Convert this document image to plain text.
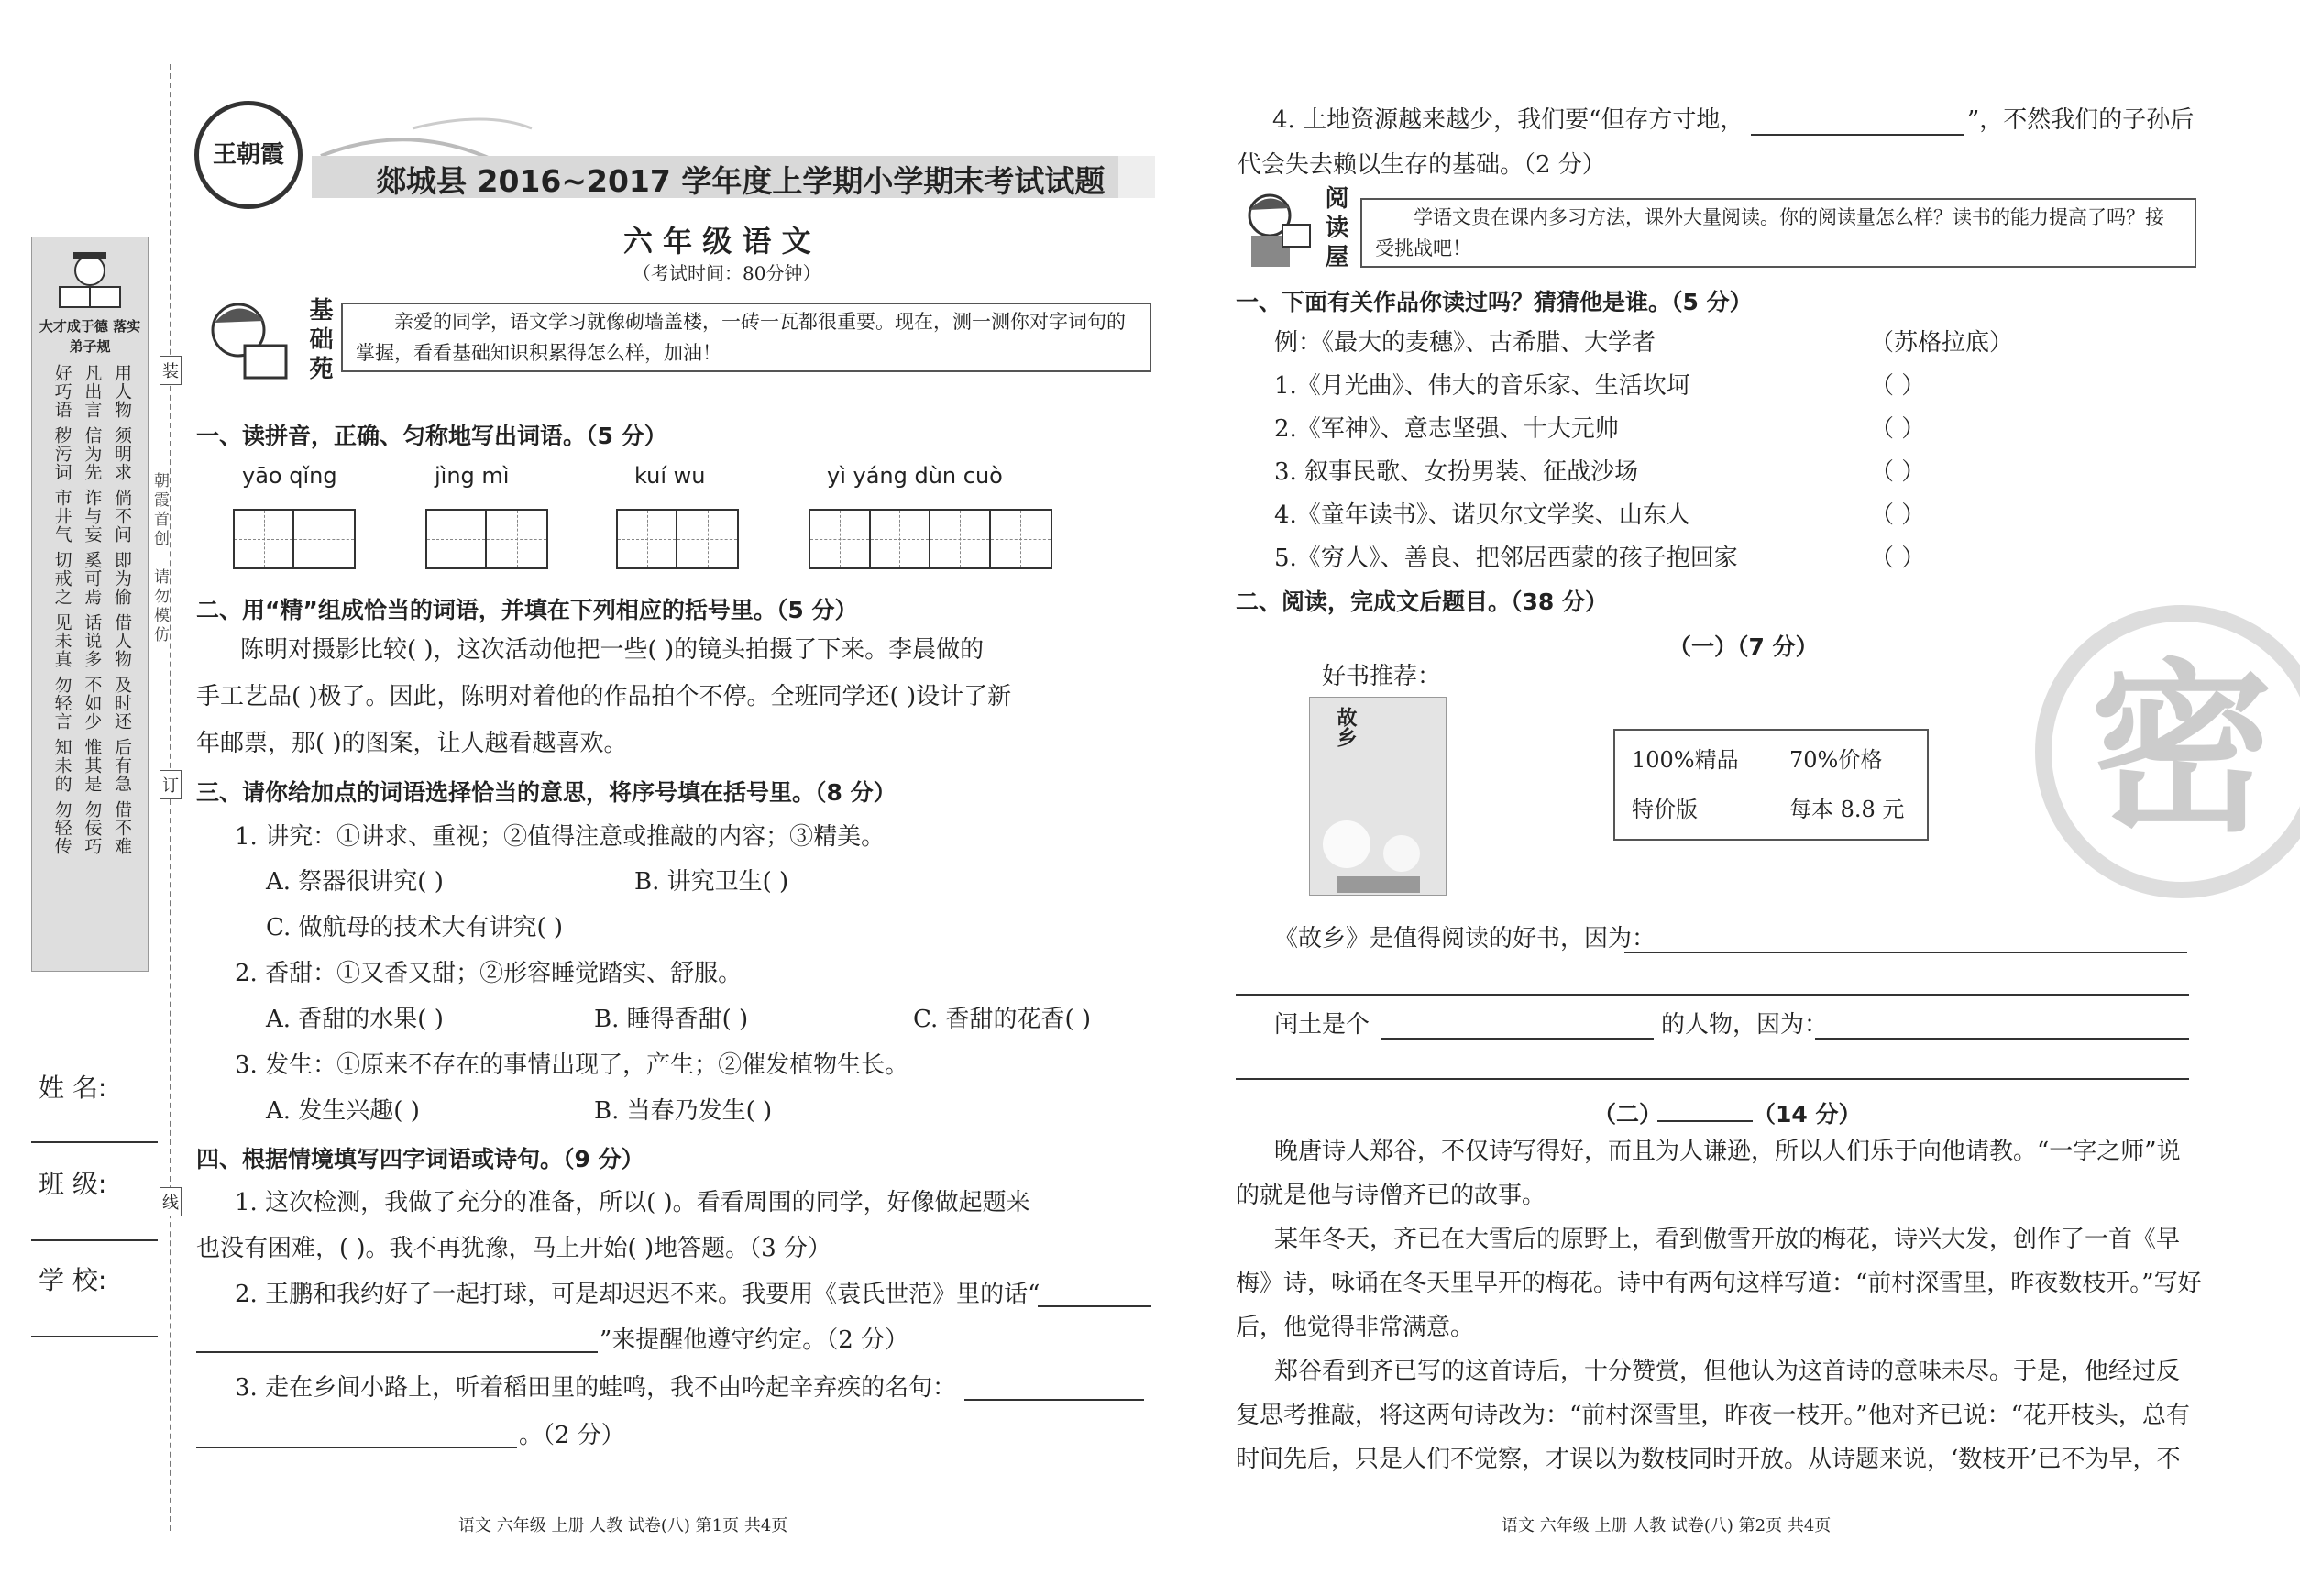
装
订
线
朝霞首创
请勿模仿
大才成于德 落实弟子规
好巧语 凡出言 用人物
秽污词 信为先 须明求
市井气 诈与妄 倘不问
切戒之 奚可焉 即为偷
见未真 话说多 借人物
勿轻言 不如少 及时还
知未的 惟其是 后有急
勿轻传 勿佞巧 借不难
姓 名:
班 级:
学 校:
王朝霞
郯城县 2016~2017 学年度上学期小学期末考试试题
六 年 级 语 文
（考试时间：80分钟）
基础苑	亲爱的同学，语文学习就像砌墙盖楼，一砖一瓦都很重要。现在，测一测你对字词句的掌握，看看基础知识积累得怎么样，加油！
一、读拼音，正确、匀称地写出词语。（5 分）
yāo qǐng	jìng mì	kuí wu	yì yáng dùn cuò
二、用“精”组成恰当的词语，并填在下列相应的括号里。（5 分）
陈明对摄影比较( )，这次活动他把一些( )的镜头拍摄了下来。李晨做的
手工艺品( )极了。因此，陈明对着他的作品拍个不停。全班同学还( )设计了新
年邮票，那( )的图案，让人越看越喜欢。
三、请你给加点的词语选择恰当的意思，将序号填在括号里。（8 分）
1. 讲究：①讲求、重视；②值得注意或推敲的内容；③精美。
A. 祭器很讲究( )	B. 讲究卫生( )
C. 做航母的技术大有讲究( )
2. 香甜：①又香又甜；②形容睡觉踏实、舒服。
A. 香甜的水果( )	B. 睡得香甜( )	C. 香甜的花香( )
3. 发生：①原来不存在的事情出现了，产生；②催发植物生长。
A. 发生兴趣( )	B. 当春乃发生( )
四、根据情境填写四字词语或诗句。（9 分）
1. 这次检测，我做了充分的准备，所以( )。看看周围的同学，好像做起题来
也没有困难，( )。我不再犹豫，马上开始( )地答题。（3 分）
2. 王鹏和我约好了一起打球，可是却迟迟不来。我要用《袁氏世范》里的话“
”来提醒他遵守约定。（2 分）
3. 走在乡间小路上，听着稻田里的蛙鸣，我不由吟起辛弃疾的名句：
。（2 分）
4. 土地资源越来越少，我们要“但存方寸地，	”，不然我们的子孙后
代会失去赖以生存的基础。（2 分）
阅读屋	学语文贵在课内多习方法，课外大量阅读。你的阅读量怎么样？读书的能力提高了吗？接受挑战吧！
一、下面有关作品你读过吗？猜猜他是谁。（5 分）
例：《最大的麦穗》、古希腊、大学者	（苏格拉底）
1.《月光曲》、伟大的音乐家、生活坎坷	（ ）
2.《军神》、意志坚强、十大元帅	（ ）
3. 叙事民歌、女扮男装、征战沙场	（ ）
4.《童年读书》、诺贝尔文学奖、山东人	（ ）
5.《穷人》、善良、把邻居西蒙的孩子抱回家	（ ）
二、阅读，完成文后题目。（38 分）
（一）（7 分）
好书推荐：
故乡
100%精品 70%价格
特价版	每本 8.8 元
《故乡》是值得阅读的好书，因为：
闰土是个	的人物，因为：
（二）	（14 分）
晚唐诗人郑谷，不仅诗写得好，而且为人谦逊，所以人们乐于向他请教。“一字之师”说
的就是他与诗僧齐已的故事。
某年冬天，齐已在大雪后的原野上，看到傲雪开放的梅花，诗兴大发，创作了一首《早
梅》诗，咏诵在冬天里早开的梅花。诗中有两句这样写道：“前村深雪里，昨夜数枝开。”写好
后，他觉得非常满意。
郑谷看到齐已写的这首诗后，十分赞赏，但他认为这首诗的意味未尽。于是，他经过反
复思考推敲，将这两句诗改为：“前村深雪里，昨夜一枝开。”他对齐已说：“花开枝头，总有
时间先后，只是人们不觉察，才误以为数枝同时开放。从诗题来说，‘数枝开’已不为早，不
密
语文 六年级 上册 人教 试卷(八) 第1页 共4页	语文 六年级 上册 人教 试卷(八) 第2页 共4页
